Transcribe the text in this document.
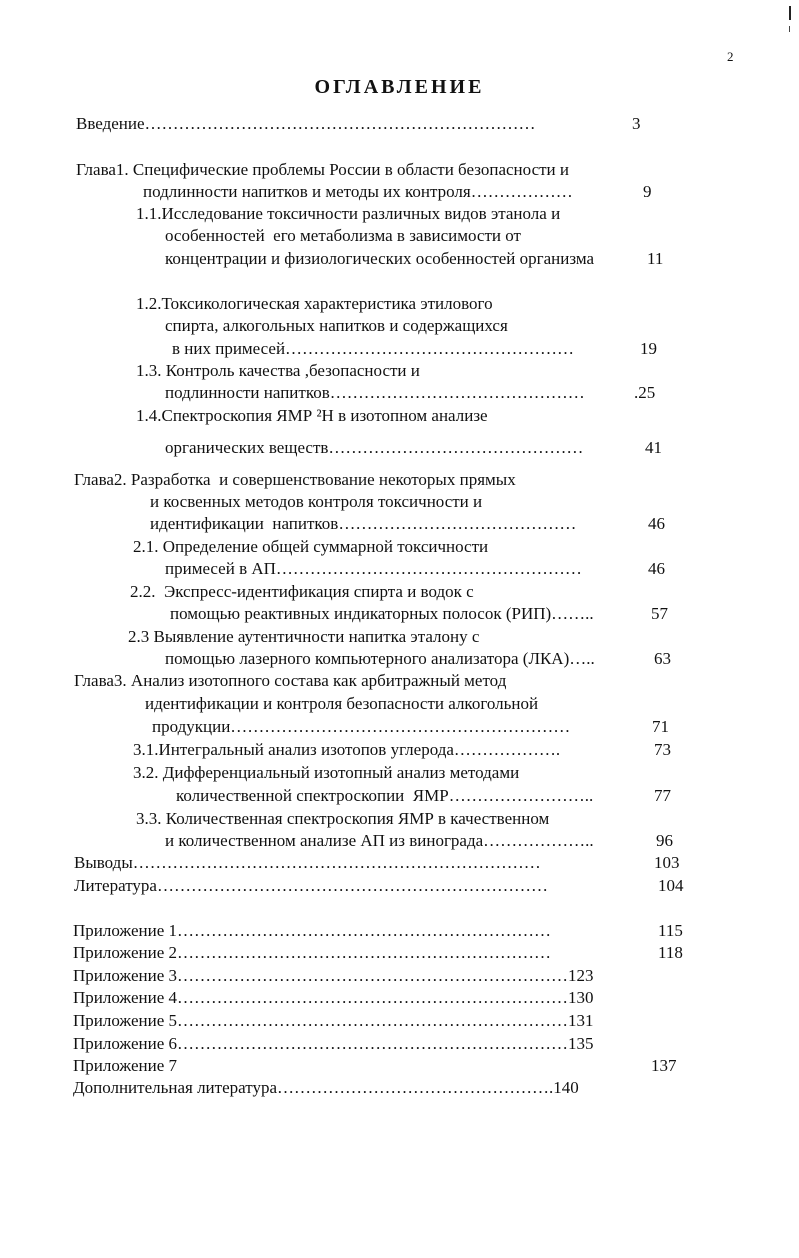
2
ОГЛАВЛЕНИЕ
Введение……………………………………………………………	3
Глава1. Специфические проблемы России в области безопасности и
подлинности напитков и методы их контроля………………	9
1.1.Исследование токсичности различных видов этанола и
особенностей  его метаболизма в зависимости от
концентрации и физиологических особенностей организма	11
1.2.Токсикологическая характеристика этилового
спирта, алкогольных напитков и содержащихся
в них примесей……………………………………………	19
1.3. Контроль качества ,безопасности и
подлинности напитков………………………………………	.25
1.4.Спектроскопия ЯМР ²Н в изотопном анализе
органических веществ………………………………………	41
Глава2. Разработка  и совершенствование некоторых прямых
и косвенных методов контроля токсичности и
идентификации  напитков……………………………………	46
2.1. Определение общей суммарной токсичности
примесей в АП………………………………………………	46
2.2.  Экспресс-идентификация спирта и водок с
помощью реактивных индикаторных полосок (РИП)……..	57
2.3 Выявление аутентичности напитка эталону с
помощью лазерного компьютерного анализатора (ЛКА)…..	63
Глава3. Анализ изотопного состава как арбитражный метод
идентификации и контроля безопасности алкогольной
продукции……………………………………………………	71
3.1.Интегральный анализ изотопов углерода……………….	73
3.2. Дифференциальный изотопный анализ методами
количественной спектроскопии  ЯМР……………………..	77
3.3. Количественная спектроскопия ЯМР в качественном
и количественном анализе АП из винограда………………..	96
Выводы………………………………………………………………	103
Литература……………………………………………………………	104
Приложение 1…………………………………………………………	115
Приложение 2…………………………………………………………	118
Приложение 3……………………………………………………………123
Приложение 4……………………………………………………………130
Приложение 5……………………………………………………………131
Приложение 6……………………………………………………………135
Приложение 7	137
Дополнительная литература………………………………………….140
